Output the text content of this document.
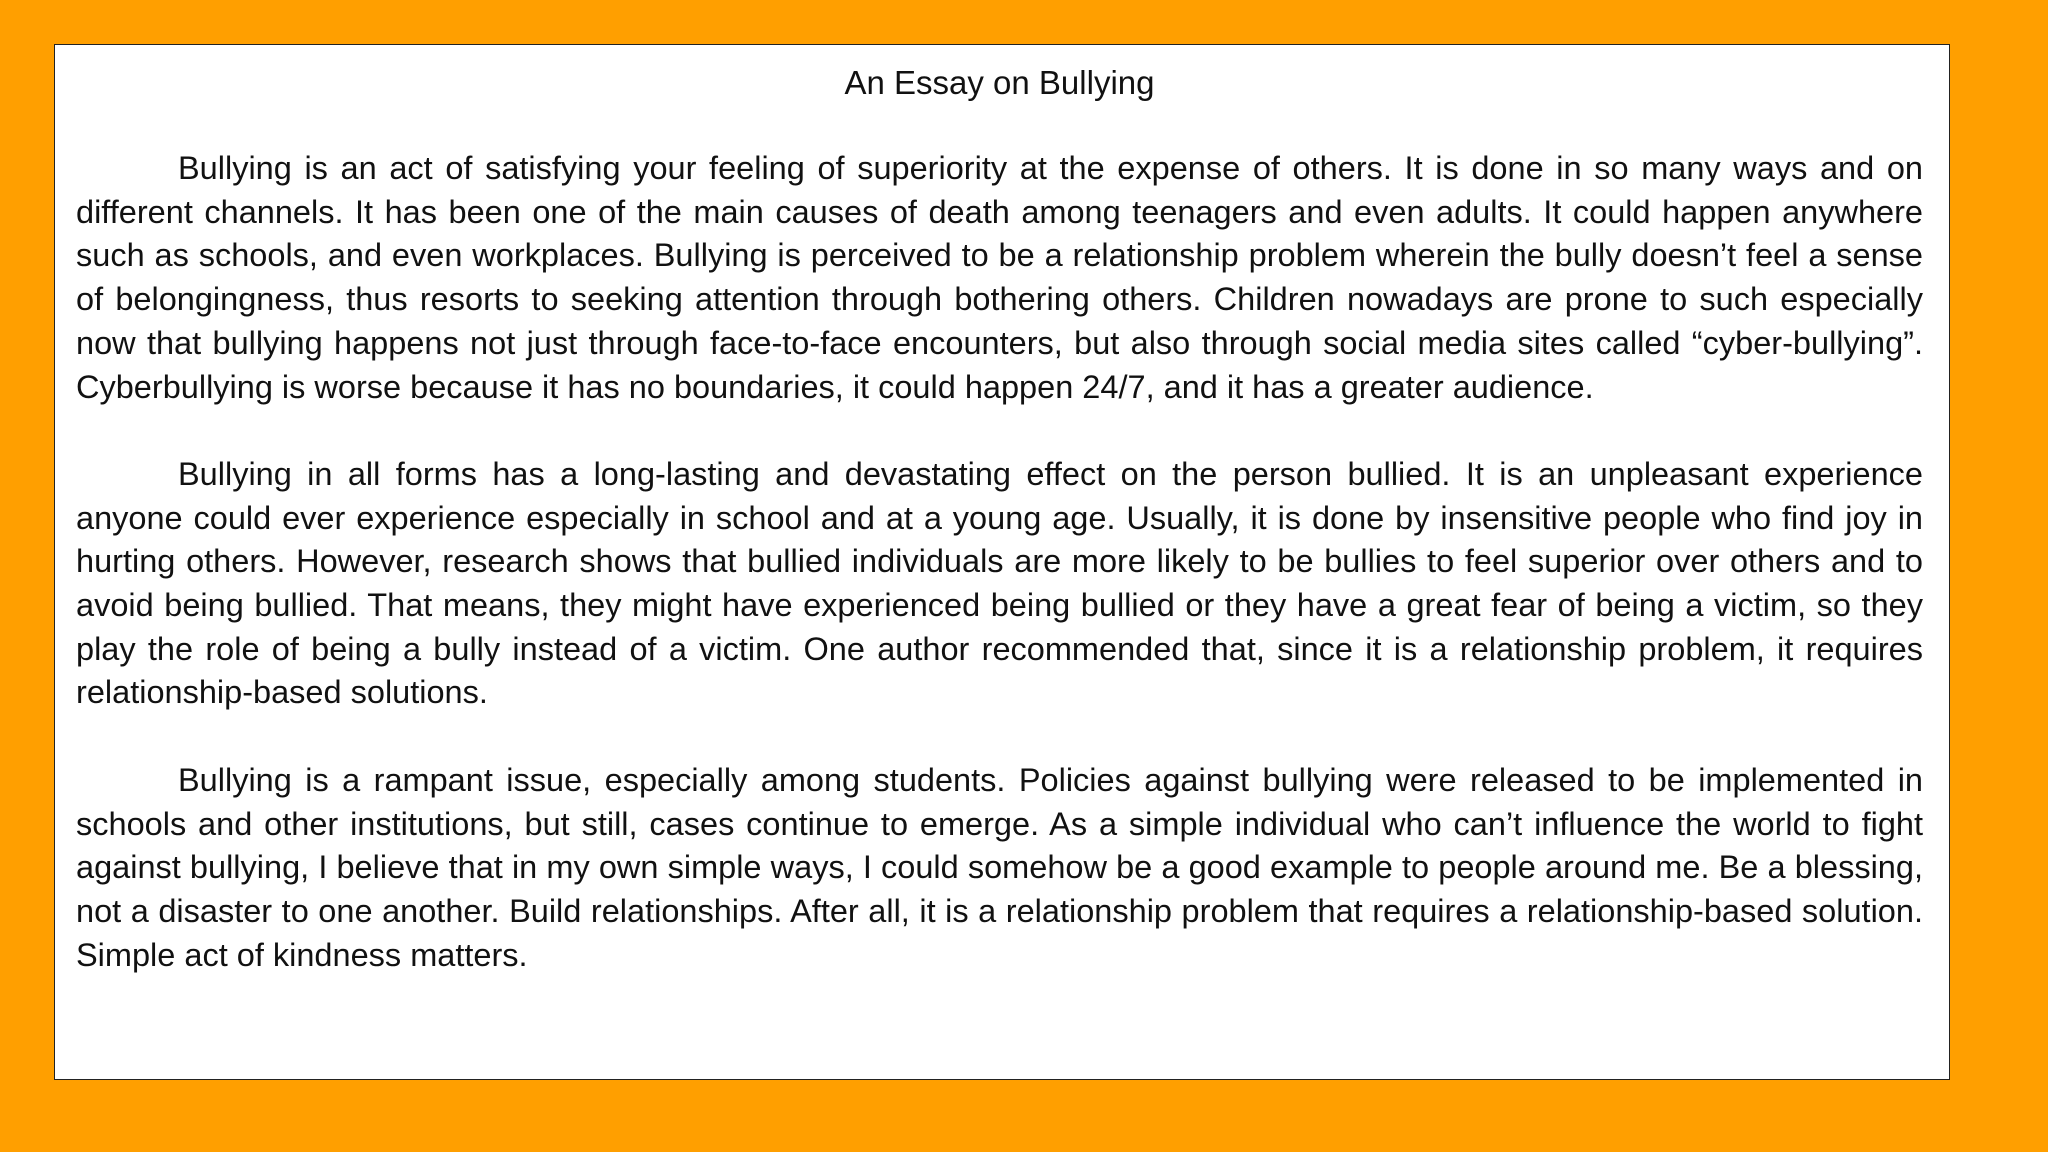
An Essay on Bullying

Bullying is an act of satisfying your feeling of superiority at the expense of others. It is done in so many ways and on different channels. It has been one of the main causes of death among teenagers and even adults. It could happen anywhere such as schools, and even workplaces. Bullying is perceived to be a relationship problem wherein the bully doesn’t feel a sense of belongingness, thus resorts to seeking attention through bothering others. Children nowadays are prone to such especially now that bullying happens not just through face-to-face encounters, but also through social media sites called “cyber-bullying”. Cyberbullying is worse because it has no boundaries, it could happen 24/7, and it has a greater audience.

Bullying in all forms has a long-lasting and devastating effect on the person bullied. It is an unpleasant experience anyone could ever experience especially in school and at a young age. Usually, it is done by insensitive people who find joy in hurting others. However, research shows that bullied individuals are more likely to be bullies to feel superior over others and to avoid being bullied. That means, they might have experienced being bullied or they have a great fear of being a victim, so they play the role of being a bully instead of a victim. One author recommended that, since it is a relationship problem, it requires relationship-based solutions.

Bullying is a rampant issue, especially among students. Policies against bullying were released to be implemented in schools and other institutions, but still, cases continue to emerge. As a simple individual who can’t influence the world to fight against bullying, I believe that in my own simple ways, I could somehow be a good example to people around me. Be a blessing, not a disaster to one another. Build relationships. After all, it is a relationship problem that requires a relationship-based solution. Simple act of kindness matters.
